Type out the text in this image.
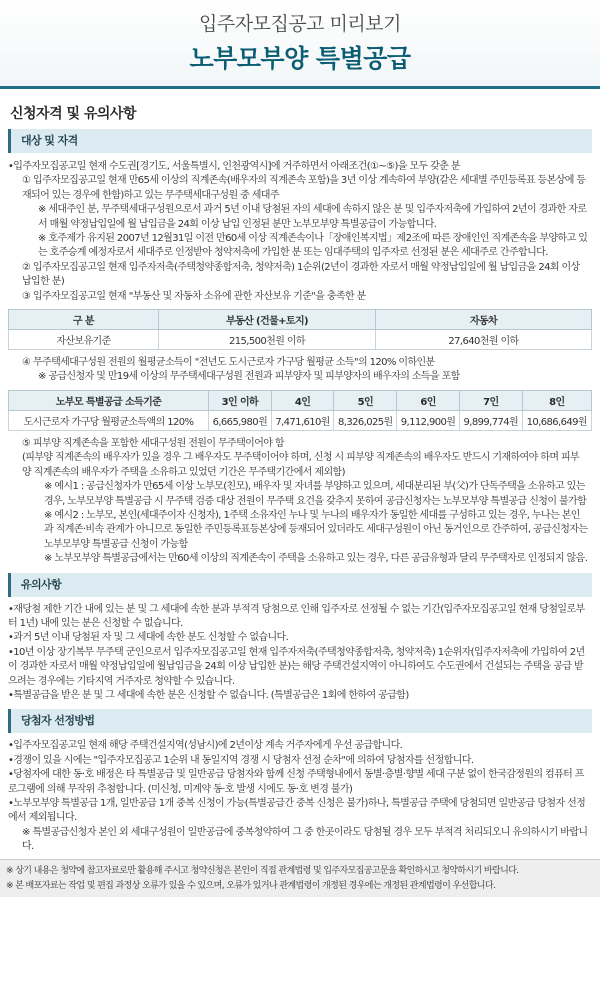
입주자모집공고 미리보기
노부모부양 특별공급
신청자격 및 유의사항
대상 및 자격
•입주자모집공고일 현재 수도권[경기도, 서울특별시, 인천광역시]에 거주하면서 아래조건(①~⑤)을 모두 갖춘 분
① 입주자모집공고일 현재 만65세 이상의 직계존속(배우자의 직계존속 포함)을 3년 이상 계속하여 부양(같은 세대별 주민등록표 등본상에 등재되어 있는 경우에 한함)하고 있는 무주택세대구성원 중 세대주
※ 세대주인 분, 무주택세대구성원으로서 과거 5년 이내 당첨된 자의 세대에 속하지 않은 분 및 입주자저축에 가입하여 2년이 경과한 자로서 매월 약정납입일에 월 납입금을 24회 이상 납입 인정된 분만 노부모부양 특별공급이 가능합니다.
※ 호주제가 유지된 2007년 12월31일 이전 만60세 이상 직계존속이나「장애인복지법」제2조에 따른 장애인인 직계존속을 부양하고 있는 호주승계 예정자로서 세대주로 인정받아 청약저축에 가입한 분 또는 임대주택의 입주자로 선정된 분은 세대주로 간주합니다.
② 입주자모집공고일 현재 입주자저축(주택청약종합저축, 청약저축) 1순위(2년이 경과한 자로서 매월 약정납입일에 월 납입금을 24회 이상 납입한 분)
③ 입주자모집공고일 현재 "부동산 및 자동차 소유에 관한 자산보유 기준"을 충족한 분
구 분	부동산 (건물+토지)	자동차
자산보유기준	215,500천원 이하	27,640천원 이하
④ 무주택세대구성원 전원의 월평균소득이 "전년도 도시근로자 가구당 월평균 소득"의 120% 이하인분
※ 공급신청자 및 만19세 이상의 무주택세대구성원 전원과 피부양자 및 피부양자의 배우자의 소득을 포함
노부모 특별공급 소득기준	3인 이하	4인	5인	6인	7인	8인
도시근로자 가구당 월평균소득액의 120%	6,665,980원	7,471,610원	8,326,025원	9,112,900원	9,899,774원	10,686,649원
⑤ 피부양 직계존속을 포함한 세대구성원 전원이 무주택이어야 함
(피부양 직계존속의 배우자가 있을 경우 그 배우자도 무주택이어야 하며, 신청 시 피부양 직계존속의 배우자도 반드시 기재하여야 하며 피부양 직계존속의 배우자가 주택을 소유하고 있었던 기간은 무주택기간에서 제외함)
※ 예시1 : 공급신청자가 만65세 이상 노부모(친모), 배우자 및 자녀를 부양하고 있으며, 세대분리된 부(父)가 단독주택을 소유하고 있는 경우, 노부모부양 특별공급 시 무주택 검증 대상 전원이 무주택 요건을 갖추지 못하여 공급신청자는 노부모부양 특별공급 신청이 불가함
※ 예시2 : 노부모, 본인(세대주이자 신청자), 1주택 소유자인 누나 및 누나의 배우자가 동일한 세대를 구성하고 있는 경우, 누나는 본인과 직계존·비속 관계가 아니므로 동일한 주민등록표등본상에 등재되어 있더라도 세대구성원이 아닌 동거인으로 간주하여, 공급신청자는 노부모부양 특별공급 신청이 가능함
※ 노부모부양 특별공급에서는 만60세 이상의 직계존속이 주택을 소유하고 있는 경우, 다른 공급유형과 달리 무주택자로 인정되지 않음.
유의사항
•재당첨 제한 기간 내에 있는 분 및 그 세대에 속한 분과 부적격 당첨으로 인해 입주자로 선정될 수 없는 기간(입주자모집공고일 현재 당첨일로부터 1년) 내에 있는 분은 신청할 수 없습니다.
•과거 5년 이내 당첨된 자 및 그 세대에 속한 분도 신청할 수 없습니다.
•10년 이상 장기복무 무주택 군인으로서 입주자모집공고일 현재 입주자저축(주택청약종합저축, 청약저축) 1순위자(입주자저축에 가입하여 2년이 경과한 자로서 매월 약정납입일에 월납입금을 24회 이상 납입한 분)는 해당 주택건설지역이 아니하여도 수도권에서 건설되는 주택을 공급 받으려는 경우에는 기타지역 거주자로 청약할 수 있습니다.
•특별공급을 받은 분 및 그 세대에 속한 분은 신청할 수 없습니다. (특별공급은 1회에 한하여 공급함)
당첨자 선정방법
•입주자모집공고일 현재 해당 주택건설지역(성남시)에 2년이상 계속 거주자에게 우선 공급합니다.
•경쟁이 있을 시에는 "입주자모집공고 1순위 내 동일지역 경쟁 시 당첨자 선정 순차"에 의하여 당첨자를 선정합니다.
•당첨자에 대한 동·호 배정은 타 특별공급 및 일반공급 당첨자와 함께 신청 주택형내에서 동별·층별·향별 세대 구분 없이 한국감정원의 컴퓨터 프로그램에 의해 무작위 추첨합니다. (미신청, 미계약 동·호 발생 시에도 동·호 변경 불가)
•노부모부양 특별공급 1개, 일반공급 1개 중복 신청이 가능(특별공급간 중복 신청은 불가)하나, 특별공급 주택에 당첨되면 일반공급 당첨자 선정에서 제외됩니다.
※ 특별공급신청자 본인 외 세대구성원이 일반공급에 중복청약하여 그 중 한곳이라도 당첨될 경우 모두 부적격 처리되오니 유의하시기 바랍니다.
※ 상기 내용은 청약에 참고자료로만 활용해 주시고 청약신청은 본인이 직접 관계법령 및 입주자모집공고문을 확인하시고 청약하시기 바랍니다.
※ 본 배포자료는 작업 및 편집 과정상 오류가 있을 수 있으며, 오류가 있거나 관계법령이 개정된 경우에는 개정된 관계법령이 우선합니다.
